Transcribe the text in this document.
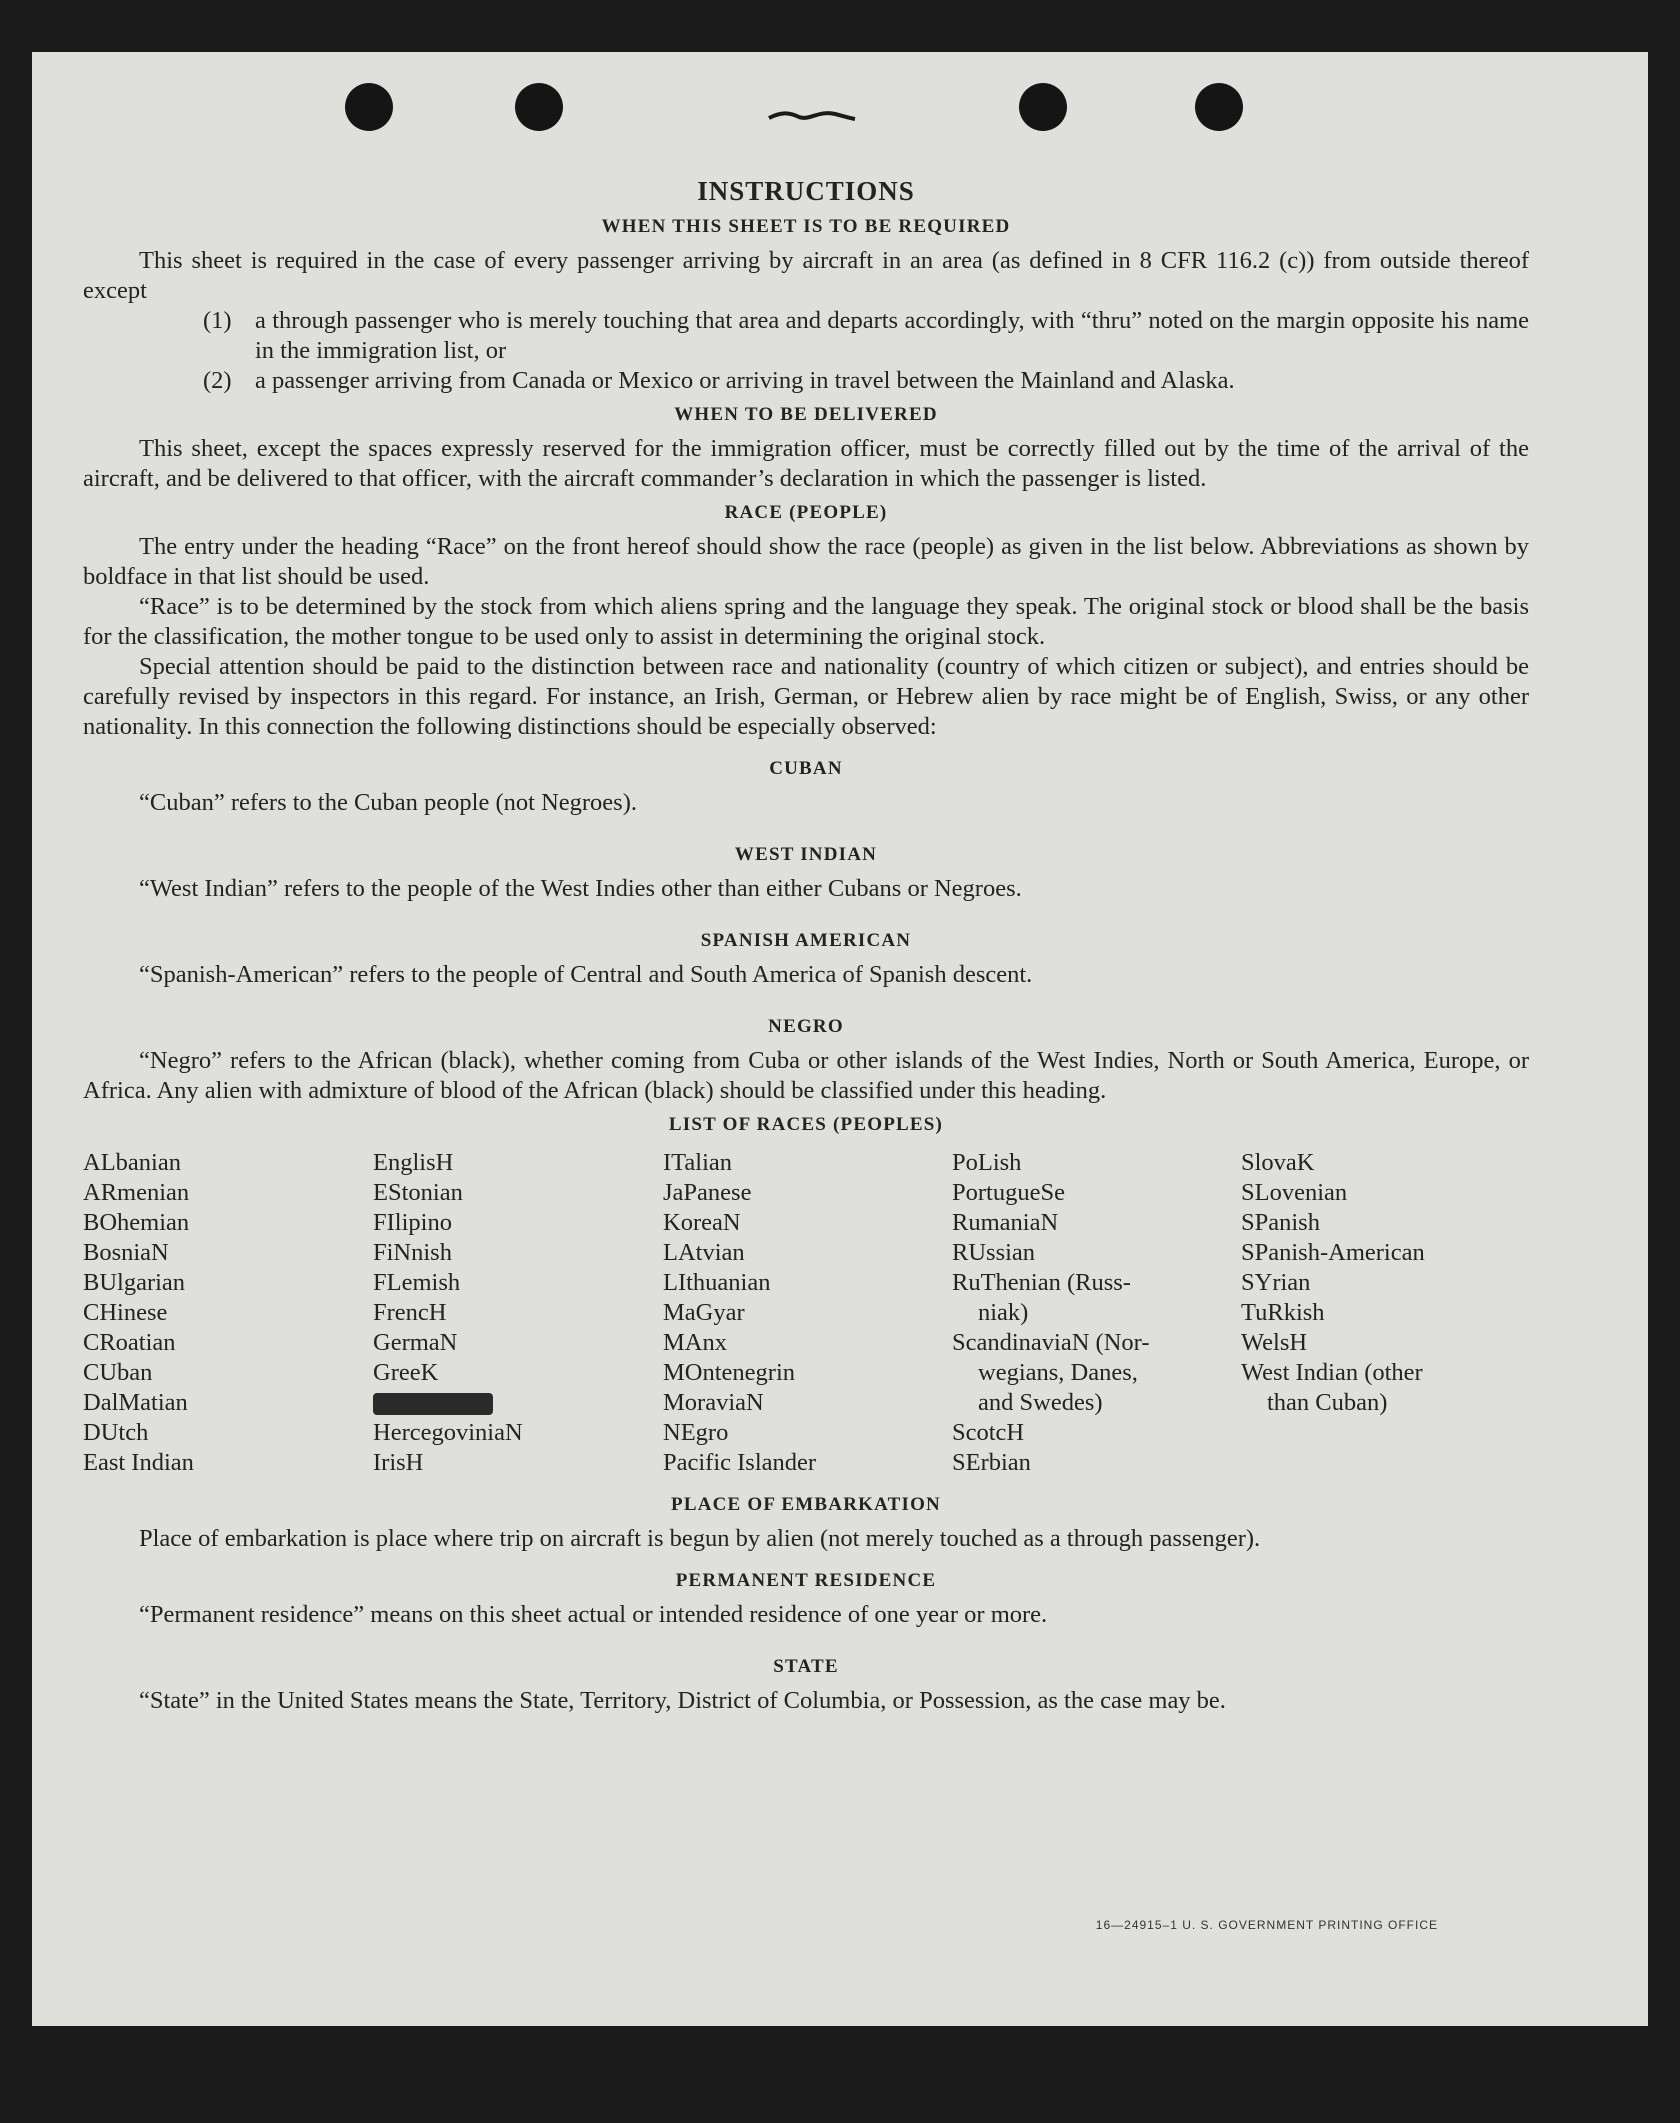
INSTRUCTIONS
WHEN THIS SHEET IS TO BE REQUIRED

This sheet is required in the case of every passenger arriving by aircraft in an area (as defined in 8 CFR 116.2 (c)) from outside thereof except

(1) a through passenger who is merely touching that area and departs accordingly, with “thru” noted on the margin opposite his name in the immigration list, or
(2) a passenger arriving from Canada or Mexico or arriving in travel between the Mainland and Alaska.
WHEN TO BE DELIVERED

This sheet, except the spaces expressly reserved for the immigration officer, must be correctly filled out by the time of the arrival of the aircraft, and be delivered to that officer, with the aircraft commander’s declaration in which the passenger is listed.

RACE (PEOPLE)

The entry under the heading “Race” on the front hereof should show the race (people) as given in the list below. Abbreviations as shown by boldface in that list should be used.

“Race” is to be determined by the stock from which aliens spring and the language they speak. The original stock or blood shall be the basis for the classification, the mother tongue to be used only to assist in determining the original stock.

Special attention should be paid to the distinction between race and nationality (country of which citizen or subject), and entries should be carefully revised by inspectors in this regard. For instance, an Irish, German, or Hebrew alien by race might be of English, Swiss, or any other nationality. In this connection the following distinctions should be especially observed:

CUBAN

“Cuban” refers to the Cuban people (not Negroes).

WEST INDIAN

“West Indian” refers to the people of the West Indies other than either Cubans or Negroes.

SPANISH AMERICAN

“Spanish-American” refers to the people of Central and South America of Spanish descent.

NEGRO

“Negro” refers to the African (black), whether coming from Cuba or other islands of the West Indies, North or South America, Europe, or Africa. Any alien with admixture of blood of the African (black) should be classified under this heading.

LIST OF RACES (PEOPLES)
ALbanian
ARmenian
BOhemian
BosniaN
BUlgarian
CHinese
CRoatian
CUban
DalMatian
DUtch
East Indian
EnglisH
EStonian
FIlipino
FiNnish
FLemish
FrencH
GermaN
GreeK
HercegoviniaN
IrisH
ITalian
JaPanese
KoreaN
LAtvian
LIthuanian
MaGyar
MAnx
MOntenegrin
MoraviaN
NEgro
Pacific Islander
PoLish
PortugueSe
RumaniaN
RUssian
RuThenian (Russ-
niak)
ScandinaviaN (Nor-
wegians, Danes,
and Swedes)
ScotcH
SErbian
SlovaK
SLovenian
SPanish
SPanish-American
SYrian
TuRkish
WelsH
West Indian (other
than Cuban)
PLACE OF EMBARKATION

Place of embarkation is place where trip on aircraft is begun by alien (not merely touched as a through passenger).

PERMANENT RESIDENCE

“Permanent residence” means on this sheet actual or intended residence of one year or more.

STATE

“State” in the United States means the State, Territory, District of Columbia, or Possession, as the case may be.

16—24915–1 U. S. GOVERNMENT PRINTING OFFICE
